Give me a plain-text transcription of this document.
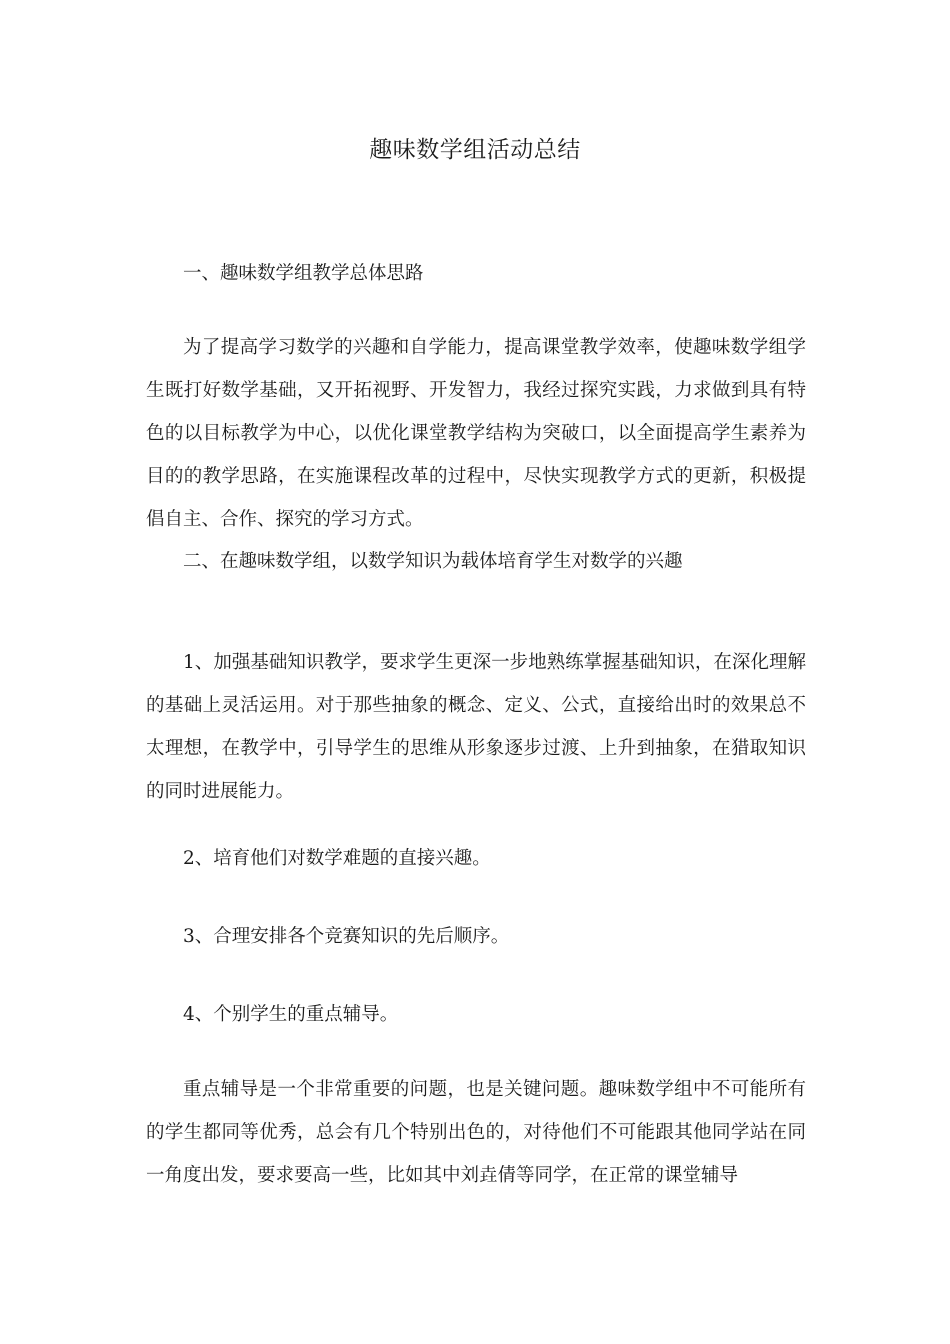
趣味数学组活动总结

一、趣味数学组教学总体思路

为了提高学习数学的兴趣和自学能力，提高课堂教学效率，使趣味数学组学生既打好数学基础，又开拓视野、开发智力，我经过探究实践，力求做到具有特色的以目标教学为中心，以优化课堂教学结构为突破口，以全面提高学生素养为目的的教学思路，在实施课程改革的过程中，尽快实现教学方式的更新，积极提倡自主、合作、探究的学习方式。

二、在趣味数学组，以数学知识为载体培育学生对数学的兴趣

1、加强基础知识教学，要求学生更深一步地熟练掌握基础知识，在深化理解的基础上灵活运用。对于那些抽象的概念、定义、公式，直接给出时的效果总不太理想，在教学中，引导学生的思维从形象逐步过渡、上升到抽象，在猎取知识的同时进展能力。

2、培育他们对数学难题的直接兴趣。

3、合理安排各个竞赛知识的先后顺序。

4、个别学生的重点辅导。

重点辅导是一个非常重要的问题，也是关键问题。趣味数学组中不可能所有的学生都同等优秀，总会有几个特别出色的，对待他们不可能跟其他同学站在同一角度出发，要求要高一些，比如其中刘垚倩等同学，在正常的课堂辅导
